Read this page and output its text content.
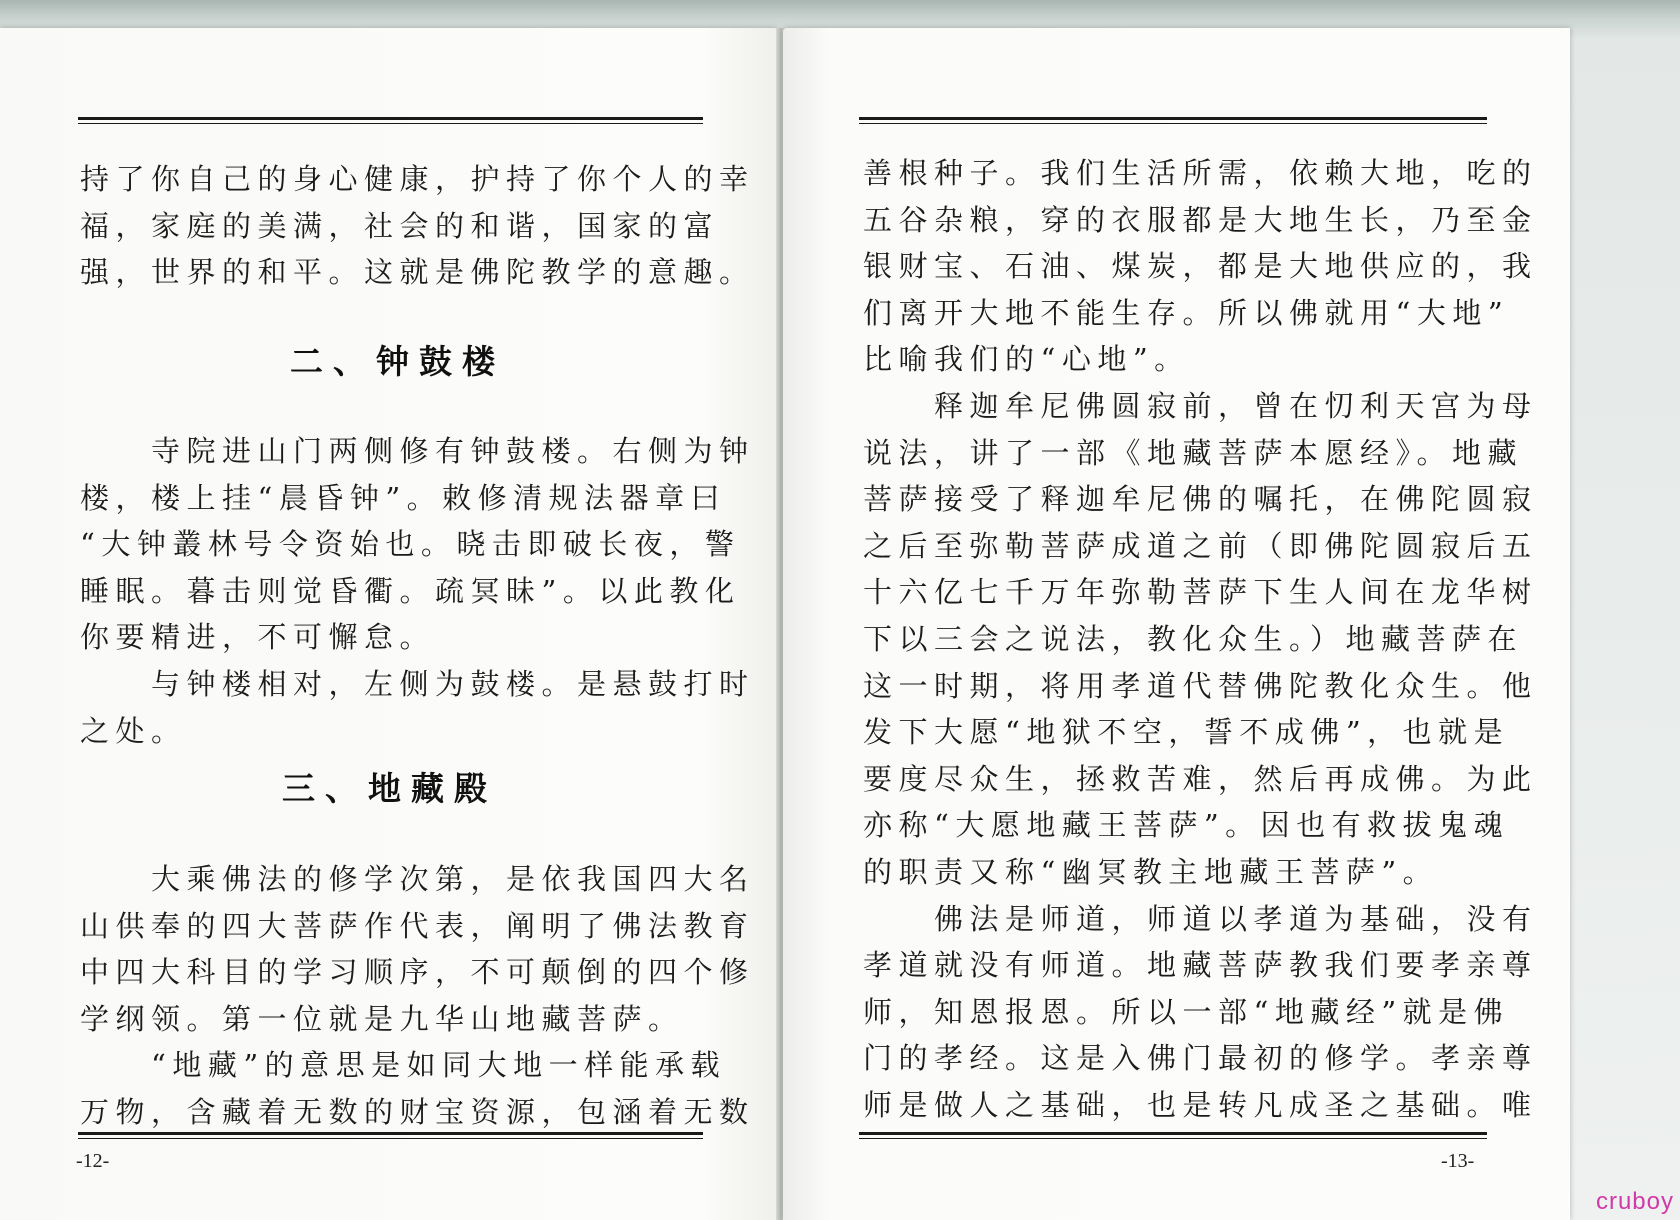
持了你自己的身心健康，护持了你个人的幸
福，家庭的美满，社会的和谐，国家的富
强，世界的和平。这就是佛陀教学的意趣。
二、钟鼓楼
　　寺院进山门两侧修有钟鼓楼。右侧为钟
楼，楼上挂“晨昏钟”。敕修清规法器章曰
“大钟叢林号令资始也。晓击即破长夜，警
睡眠。暮击则觉昏衢。疏冥昧”。以此教化
你要精进，不可懈怠。
　　与钟楼相对，左侧为鼓楼。是悬鼓打时
之处。
三、地藏殿
　　大乘佛法的修学次第，是依我国四大名
山供奉的四大菩萨作代表，阐明了佛法教育
中四大科目的学习顺序，不可颠倒的四个修
学纲领。第一位就是九华山地藏菩萨。
　　“地藏”的意思是如同大地一样能承载
万物，含藏着无数的财宝资源，包涵着无数
-12-
善根种子。我们生活所需，依赖大地，吃的
五谷杂粮，穿的衣服都是大地生长，乃至金
银财宝、石油、煤炭，都是大地供应的，我
们离开大地不能生存。所以佛就用“大地”
比喻我们的“心地”。
　　释迦牟尼佛圆寂前，曾在忉利天宫为母
说法，讲了一部《地藏菩萨本愿经》。地藏
菩萨接受了释迦牟尼佛的嘱托，在佛陀圆寂
之后至弥勒菩萨成道之前（即佛陀圆寂后五
十六亿七千万年弥勒菩萨下生人间在龙华树
下以三会之说法，教化众生。）地藏菩萨在
这一时期，将用孝道代替佛陀教化众生。他
发下大愿“地狱不空，誓不成佛”，也就是
要度尽众生，拯救苦难，然后再成佛。为此
亦称“大愿地藏王菩萨”。因也有救拔鬼魂
的职责又称“幽冥教主地藏王菩萨”。
　　佛法是师道，师道以孝道为基础，没有
孝道就没有师道。地藏菩萨教我们要孝亲尊
师，知恩报恩。所以一部“地藏经”就是佛
门的孝经。这是入佛门最初的修学。孝亲尊
师是做人之基础，也是转凡成圣之基础。唯
-13-
cruboy
